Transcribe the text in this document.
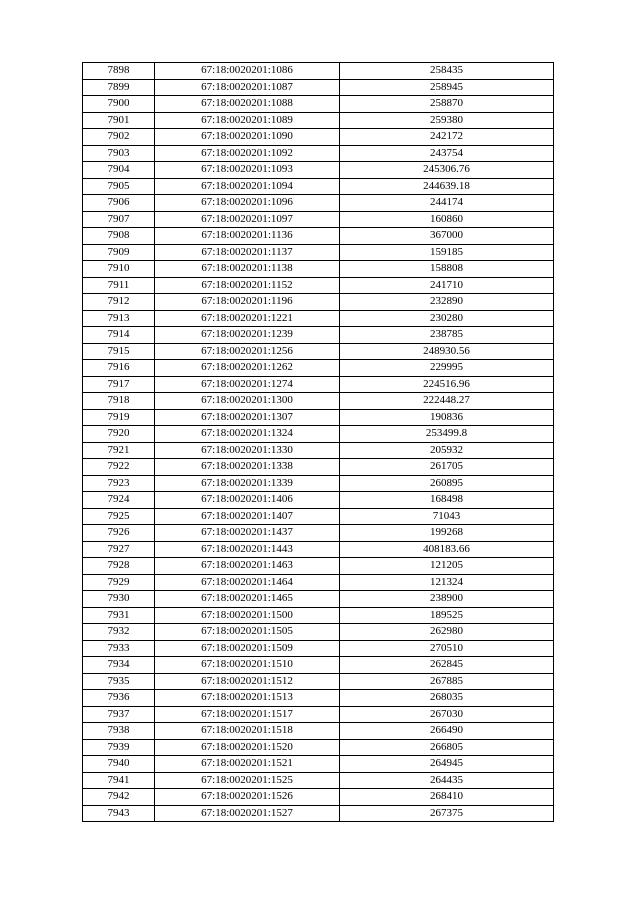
7898	67:18:0020201:1086	258435
7899	67:18:0020201:1087	258945
7900	67:18:0020201:1088	258870
7901	67:18:0020201:1089	259380
7902	67:18:0020201:1090	242172
7903	67:18:0020201:1092	243754
7904	67:18:0020201:1093	245306.76
7905	67:18:0020201:1094	244639.18
7906	67:18:0020201:1096	244174
7907	67:18:0020201:1097	160860
7908	67:18:0020201:1136	367000
7909	67:18:0020201:1137	159185
7910	67:18:0020201:1138	158808
7911	67:18:0020201:1152	241710
7912	67:18:0020201:1196	232890
7913	67:18:0020201:1221	230280
7914	67:18:0020201:1239	238785
7915	67:18:0020201:1256	248930.56
7916	67:18:0020201:1262	229995
7917	67:18:0020201:1274	224516.96
7918	67:18:0020201:1300	222448.27
7919	67:18:0020201:1307	190836
7920	67:18:0020201:1324	253499.8
7921	67:18:0020201:1330	205932
7922	67:18:0020201:1338	261705
7923	67:18:0020201:1339	260895
7924	67:18:0020201:1406	168498
7925	67:18:0020201:1407	71043
7926	67:18:0020201:1437	199268
7927	67:18:0020201:1443	408183.66
7928	67:18:0020201:1463	121205
7929	67:18:0020201:1464	121324
7930	67:18:0020201:1465	238900
7931	67:18:0020201:1500	189525
7932	67:18:0020201:1505	262980
7933	67:18:0020201:1509	270510
7934	67:18:0020201:1510	262845
7935	67:18:0020201:1512	267885
7936	67:18:0020201:1513	268035
7937	67:18:0020201:1517	267030
7938	67:18:0020201:1518	266490
7939	67:18:0020201:1520	266805
7940	67:18:0020201:1521	264945
7941	67:18:0020201:1525	264435
7942	67:18:0020201:1526	268410
7943	67:18:0020201:1527	267375
